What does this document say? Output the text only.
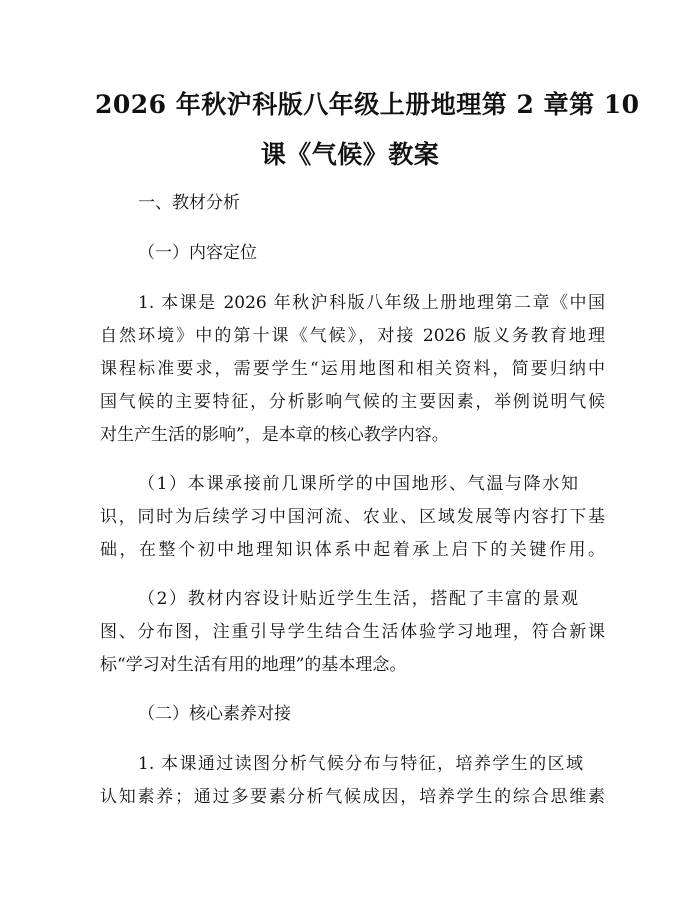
2026 年秋沪科版八年级上册地理第 2 章第 10
课《气候》教案

一、教材分析

（一）内容定位

1. 本课是 2026 年秋沪科版八年级上册地理第二章《中国

自然环境》中的第十课《气候》，对接 2026 版义务教育地理

课程标准要求，需要学生“运用地图和相关资料，简要归纳中

国气候的主要特征，分析影响气候的主要因素，举例说明气候

对生产生活的影响”，是本章的核心教学内容。

（1）本课承接前几课所学的中国地形、气温与降水知

识，同时为后续学习中国河流、农业、区域发展等内容打下基

础，在整个初中地理知识体系中起着承上启下的关键作用。

（2）教材内容设计贴近学生生活，搭配了丰富的景观

图、分布图，注重引导学生结合生活体验学习地理，符合新课

标“学习对生活有用的地理”的基本理念。

（二）核心素养对接

1. 本课通过读图分析气候分布与特征，培养学生的区域

认知素养；通过多要素分析气候成因，培养学生的综合思维素
